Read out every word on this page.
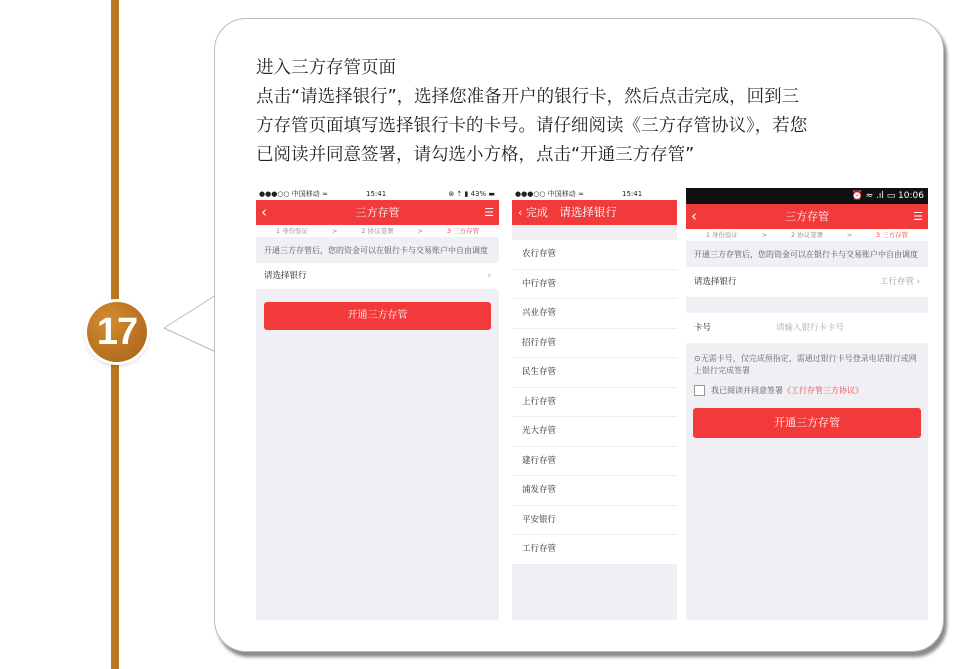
17
进入三方存管页面
点击“请选择银行”，选择您准备开户的银行卡，然后点击完成，回到三
方存管页面填写选择银行卡的卡号。请仔细阅读《三方存管协议》，若您
已阅读并同意签署，请勾选小方格，点击“开通三方存管”
●●●○○ 中国移动 ≈	15:41	⊛ ⇡ ▮ 43% ▬
‹	三方存管	☰
1 身份验证	>	2 协议签署	>	3 三方存管
开通三方存管后，您的资金可以在银行卡与交易账户中自由调度
请选择银行	›
开通三方存管
●●●○○ 中国移动 ≈	15:41
‹ 完成 请选择银行
农行存管
中行存管
兴业存管
招行存管
民生存管
上行存管
光大存管
建行存管
浦发存管
平安银行
工行存管
⏰ ≈ .ıl ▭ 10:06
‹	三方存管	☰
1 身份验证	>	2 协议签署	>	3 三方存管
开通三方存管后，您的资金可以在银行卡与交易账户中自由调度
请选择银行	工行存管 ›
卡号	请输入银行卡卡号
⊙无需卡号，仅完成预指定，需通过银行卡号登录电话银行或网上银行完成签署
我已阅读并同意签署 《工行存管三方协议》
开通三方存管
